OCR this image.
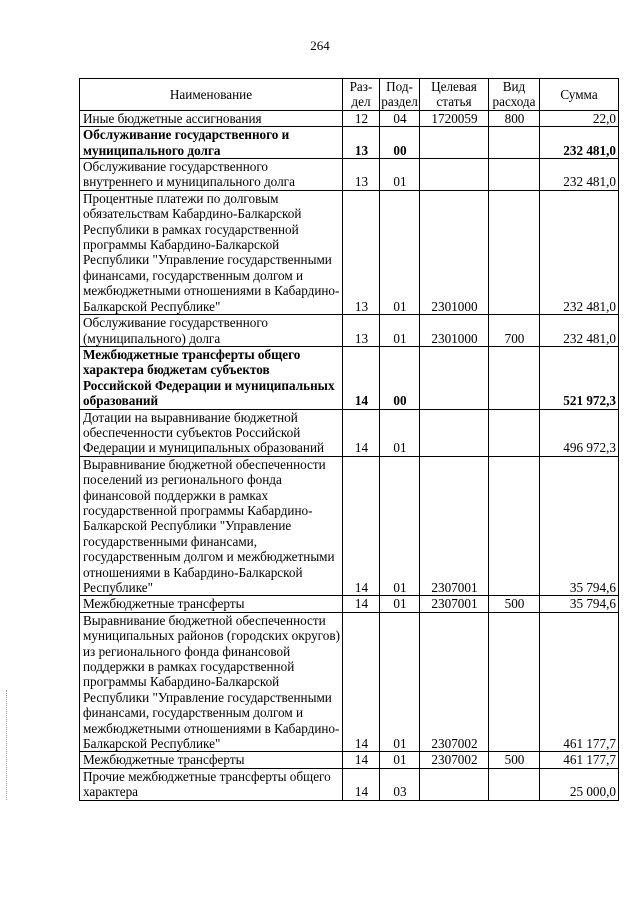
264
Наименование	Раз-дел	Под-раздел	Целевая статья	Вид расхода	Сумма
Иные бюджетные ассигнования	12	04	1720059	800	22,0
Обслуживание государственного и муниципального долга	13	00			232 481,0
Обслуживание государственного внутреннего и муниципального долга	13	01			232 481,0
Процентные платежи по долговым обязательствам Кабардино-Балкарской Республики в рамках государственной программы Кабардино-Балкарской Республики "Управление государственными финансами, государственным долгом и межбюджетными отношениями в Кабардино-Балкарской Республике"	13	01	2301000		232 481,0
Обслуживание государственного (муниципального) долга	13	01	2301000	700	232 481,0
Межбюджетные трансферты общего характера бюджетам субъектов Российской Федерации и муниципальных образований	14	00			521 972,3
Дотации на выравнивание бюджетной обеспеченности субъектов Российской Федерации и муниципальных образований	14	01			496 972,3
Выравнивание бюджетной обеспеченности поселений из регионального фонда финансовой поддержки в рамках государственной программы Кабардино-Балкарской Республики "Управление государственными финансами, государственным долгом и межбюджетными отношениями в Кабардино-Балкарской Республике"	14	01	2307001		35 794,6
Межбюджетные трансферты	14	01	2307001	500	35 794,6
Выравнивание бюджетной обеспеченности муниципальных районов (городских округов) из регионального фонда финансовой поддержки в рамках государственной программы Кабардино-Балкарской Республики "Управление государственными финансами, государственным долгом и межбюджетными отношениями в Кабардино-Балкарской Республике"	14	01	2307002		461 177,7
Межбюджетные трансферты	14	01	2307002	500	461 177,7
Прочие межбюджетные трансферты общего характера	14	03			25 000,0
